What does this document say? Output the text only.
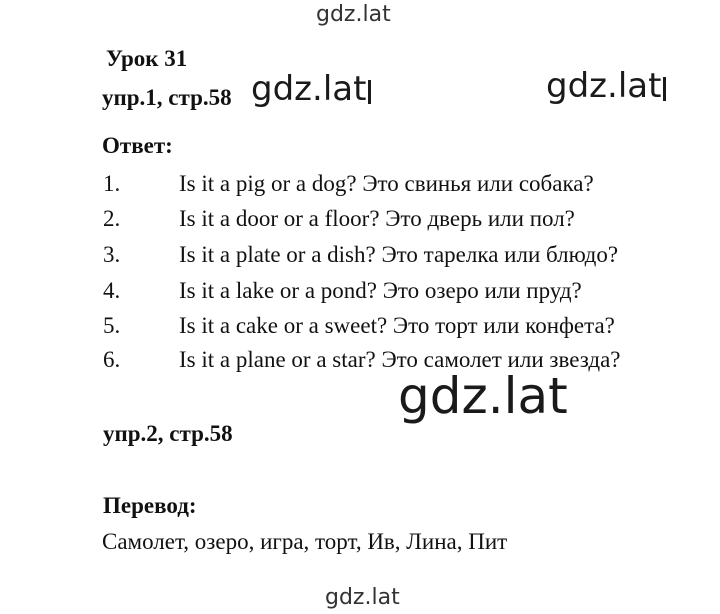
gdz.lat
Урок 31
упр.1, стр.58 gdz.lat	gdz.lat
Ответ:
1.	Is it a pig or a dog? Это свинья или собака?
2.	Is it a door or a floor? Это дверь или пол?
3.	Is it a plate or a dish? Это тарелка или блюдо?
4.	Is it a lake or a pond? Это озеро или пруд?
5.	Is it a cake or a sweet? Это торт или конфета?
6.	Is it a plane or a star? Это самолет или звезда?
gdz.lat
упр.2, стр.58
Перевод:
Самолет, озеро, игра, торт, Ив, Лина, Пит
gdz.lat
